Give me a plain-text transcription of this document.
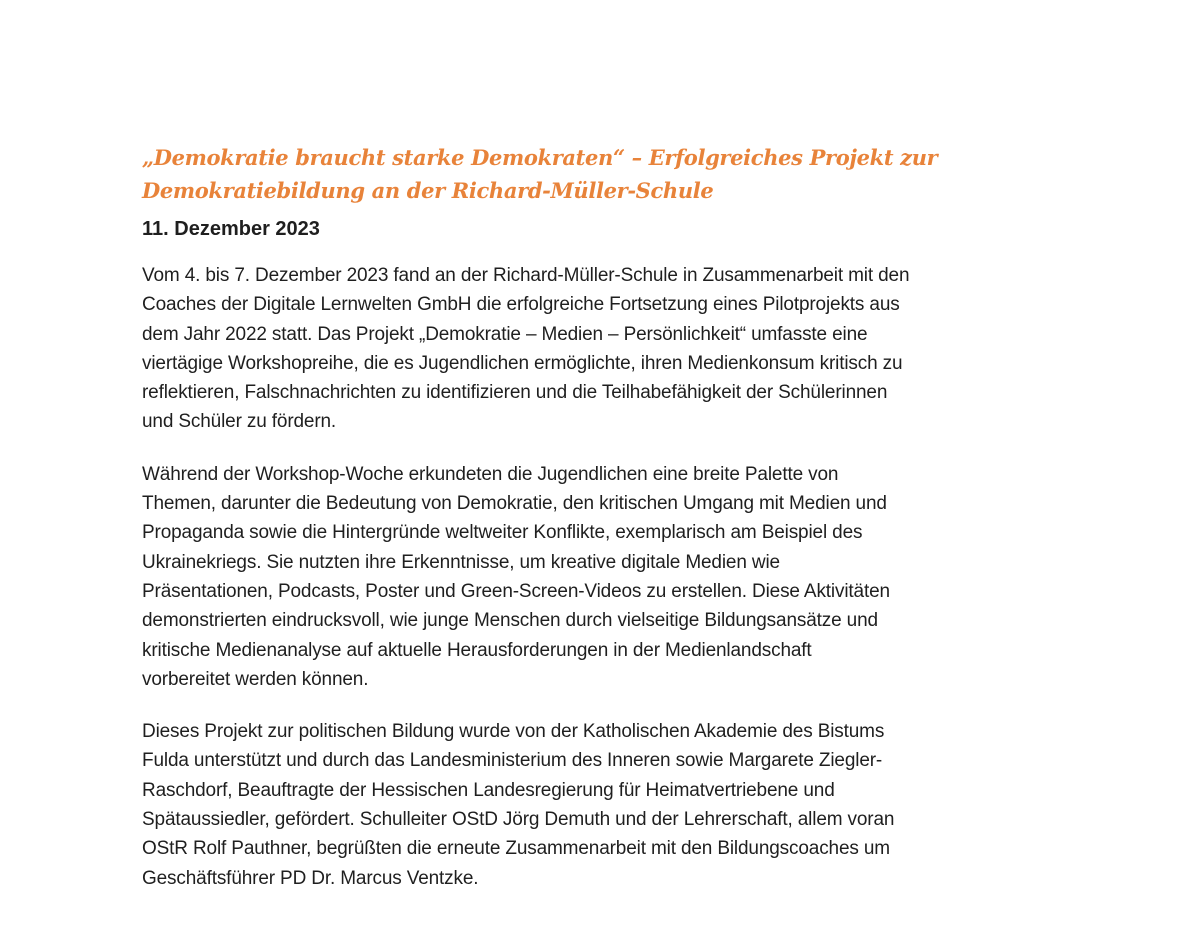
„Demokratie braucht starke Demokraten“ – Erfolgreiches Projekt zur
Demokratiebildung an der Richard-Müller-Schule
11. Dezember 2023
Vom 4. bis 7. Dezember 2023 fand an der Richard-Müller-Schule in Zusammenarbeit mit den
Coaches der Digitale Lernwelten GmbH die erfolgreiche Fortsetzung eines Pilotprojekts aus
dem Jahr 2022 statt. Das Projekt „Demokratie – Medien – Persönlichkeit“ umfasste eine
viertägige Workshopreihe, die es Jugendlichen ermöglichte, ihren Medienkonsum kritisch zu
reflektieren, Falschnachrichten zu identifizieren und die Teilhabefähigkeit der Schülerinnen
und Schüler zu fördern.
Während der Workshop-Woche erkundeten die Jugendlichen eine breite Palette von
Themen, darunter die Bedeutung von Demokratie, den kritischen Umgang mit Medien und
Propaganda sowie die Hintergründe weltweiter Konflikte, exemplarisch am Beispiel des
Ukrainekriegs. Sie nutzten ihre Erkenntnisse, um kreative digitale Medien wie
Präsentationen, Podcasts, Poster und Green-Screen-Videos zu erstellen. Diese Aktivitäten
demonstrierten eindrucksvoll, wie junge Menschen durch vielseitige Bildungsansätze und
kritische Medienanalyse auf aktuelle Herausforderungen in der Medienlandschaft
vorbereitet werden können.
Dieses Projekt zur politischen Bildung wurde von der Katholischen Akademie des Bistums
Fulda unterstützt und durch das Landesministerium des Inneren sowie Margarete Ziegler-
Raschdorf, Beauftragte der Hessischen Landesregierung für Heimatvertriebene und
Spätaussiedler, gefördert. Schulleiter OStD Jörg Demuth und der Lehrerschaft, allem voran
OStR Rolf Pauthner, begrüßten die erneute Zusammenarbeit mit den Bildungscoaches um
Geschäftsführer PD Dr. Marcus Ventzke.
